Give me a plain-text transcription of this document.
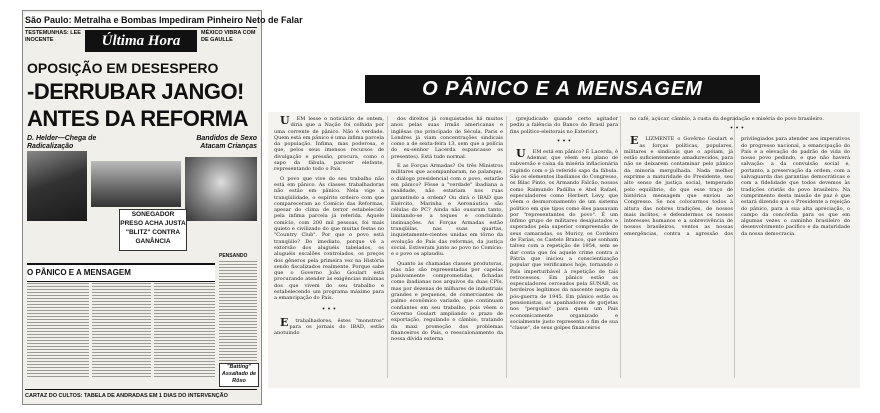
São Paulo: Metralha e Bombas Impediram Pinheiro Neto de Falar
TESTEMUNHAS: LEE INOCENTE	Última Hora	MÉXICO VIBRA COM DE GAULLE
OPOSIÇÃO EM DESESPERO
-DERRUBAR JANGO!
ANTES DA REFORMA
D. Helder—Chega de Radicalização
Bandidos de Sexo Atacam Crianças
SONEGADOR PRESO ACHA JUSTA "BLITZ" CONTRA GANÂNCIA
O PÂNICO E A MENSAGEM
PENSANDO
"Batting" Assaltado de Rôxo
CARTAZ DO CULTOS: TABELA DE ANDRADAS EM 1 DIAS DO INTERVENÇÃO
O PÂNICO E A MENSAGEM

UEM lesse o noticiário de ontem, diria que a Nação foi colhida por uma corrente de pânico. Não é verdade. Quem está em pânico é uma ínfima parcela da população. Ínfima, mas poderosa, e que, pelos seus imensos recursos de divulgação e pressão, procura, como o sapo da fábula, parecer elefante, representando todo o País.

O povo que vive do seu trabalho não está em pânico. As classes trabalhadoras não estão em pânico. Nela vige a tranqüilidade, o espírito ordeiro com que compareceram ao Comício das Reformas, apesar do clima de terror estabelecido pela ínfima parcela já referida. Aquele comício, com 200 mil pessoas, foi mais quieto e civilizado do que muitas festas no "Country Club". Por que o povo está tranqüilo? Do imediato, porque vê a extorsão dos aluguéis tabelados, os aluguéis escalões controlados, os preços dos gêneros pela primeira vez na História sendo fiscalizados realmente. Porque sabe que o Governo João Goulart está procurando atender às exigências mínimas dos que vivem do seu trabalho e estabelecendo um programa máximo para a emancipação do País.

• • •

Etrabalhadores, êstes "monstros" para os jornais do IBAD, estão anotuindo

dos direitos já conquistados há muitos anos pelas suas irmãs americanas e inglêsas (no principado de Sécula, Paris e Londres já viam concentrações sindicais como a de sexta-feira 13, sem que a polícia do ex-senhor Lacerda espancasse os presentes). Está tudo normal.

E as Forças Armadas? Os três Ministros militares que acompanharam, no palanque, o diálogo presidencial com o povo, estarão em pânico? Fôsse a "verdade" ibadiana a realidade, não estariam nos ruas garantindo a ordem? Ou dirá o IBAD que Exército, Marinha e Aeronáutica são células do PC? Ainda não ousaram tanto, limitando-se a toques e concluíndo insinuações. As Forças Armadas estão tranqüilas, nas suas quartas, inquietamente-cientes unidas em tôrno da evolução do País das reformas, da justiça social. Estiveram junto ao povo no Comício: e o povo os aplaudiu.

Quanto às chamadas classes produtoras, elas não são representadas por capelas pulsivamente comprometidas, fichadas como ibadianas nos arquivos da duas CPIs, mas por dezenas de milhares de industriais grandes e pequenos, de comerciantes de palmo econômico variado, que continuam confiantes em seu trabalho, pois vêem o Governo Goulart ampliando o prazo de exportação, regulando o câmbio, tratando da maxi promoção dos problemas financeiros do País, o reescalonamento da nossa dívida externa

(prejudicado quando certo agitador pediu a falência do Banco do Brasil para fins político-eleitorais no Exterior).

• • •

UEM está em pânico? É Lacerda, é Ademar, que vêem seu plano de subversão e caixa da miséria inflacionária rugindo com o jà referido sapo da fábula. São os elementos ibadianos do Congresso, os Bilac Pinto, os Armando Falcão, nossos como Raimundo Padilha e Abel Rafael, especuladores como Herbert Levy, que vêem o desmoronamento de um sistema político em que tipos como êles passavam por "representantes do povo". É um ínfimo grupo de militares desajustados e superados pela superior compreensão de seus camaradas, os Muricy, os Cordeiro de Farias, os Castelo Branco, que sonham talvez com a repetição de 1954, sem se dar conta que foi aquele crime contra a Pátria que iniciou a conscientização popular que verificamos hoje, tornando o País imperturbável à repetição de tais retrocessos. Em pânico estão os especuladores cerceados pela SUNAB, os herdeiros legítimos da nascente negra da pós-guerra de 1945. Em pânico estão os pensionistas, os apanhadores de gorjetas nos "pergolas" para quem um País economicamente organizado e socialmente justo representa o fim de sua "classe", de seus golpes financeiros

no café, açúcar, câmbio, à custa da degradação e miséria do povo brasileiro.

• • •

ELIZMENTE o Govêrno Goulart e as forças políticas, populares, militares e sindicais que o apóiam, já estão suficientemente amadurecidos, para não se deixarem contaminar pelo pânico da minoria mergulhada. Nada melhor exprime a maturidade do Presidente, seu alto senso de justiça social, temperado pelo equilíbrio, do que esse traço de histórica mensagem que enviou ao Congresso. Se nos colocarmos todos à altura das nobres tradições, de nossos mais ínclitos, e defendermos os nossos interesses humanos e a sobrevivência de nossos brasileiros, ventos as nossas emergências, contra a agressão dos privilegiados para atender aos imperativos do progresso nacional, a emancipação do País e a elevação do padrão de vida do nosso povo pedindo, e que não haverá salvação: a da convulsão social e, portanto, a preservação da ordem, com a salvaguarda das garantias democráticas e com a fidelidade que todos devemos às tradições cristãs do povo brasileiro. Na cumprimento desta missão de paz é que estará dizendo que o Presidente a rejeição do pânico, para a sua alta apreciação, o campo da concórdia para os que em algumas vezes o caminho brasileiro do desenvolvimento pacífico e da maturidade da nossa democracia.
